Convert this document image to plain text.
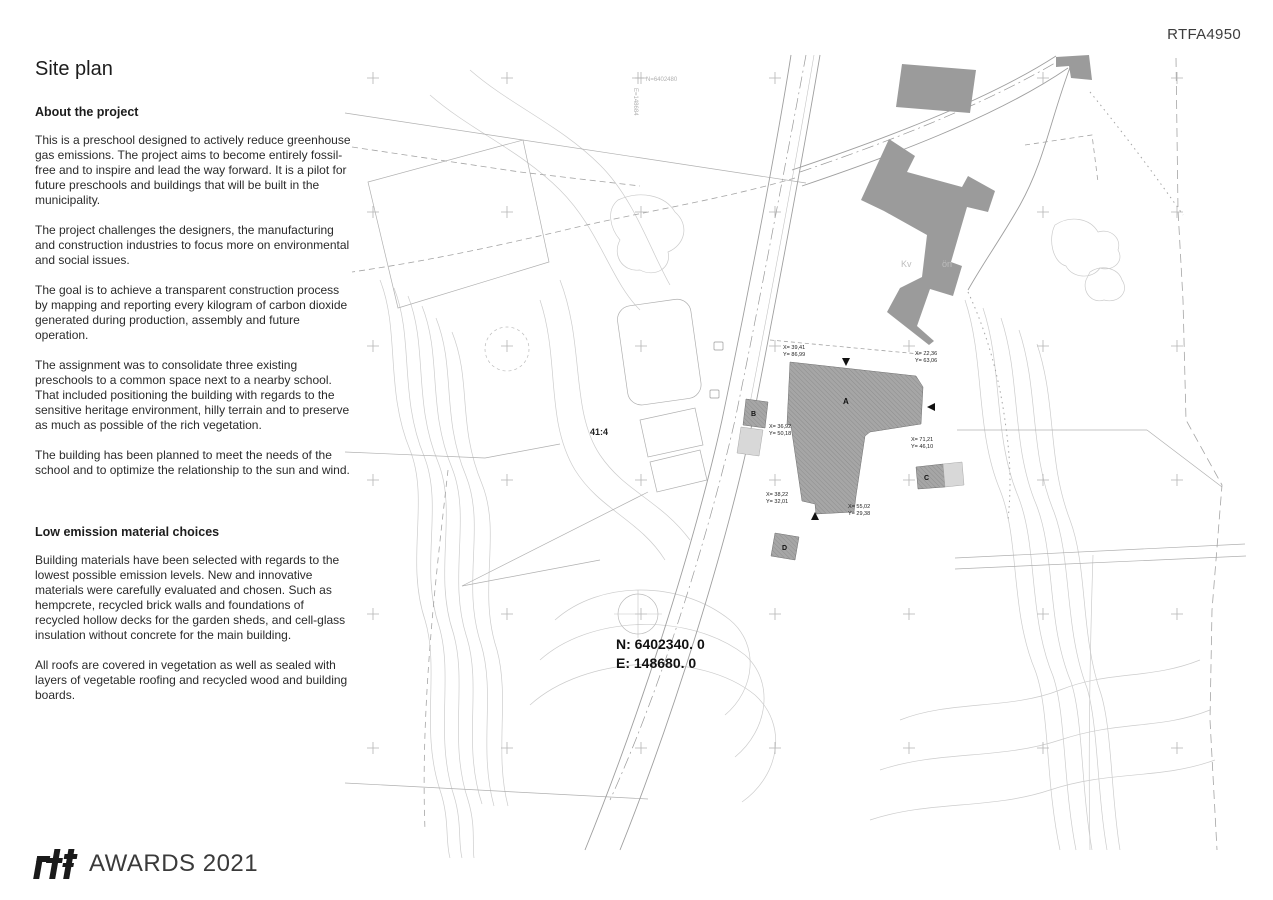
RTFA4950
Site plan
About the project

This is a preschool designed to actively reduce greenhouse gas emissions. The project aims to become entirely fossil-free and to inspire and lead the way forward. It is a pilot for future preschools and buildings that will be built in the municipality.

The project challenges the designers, the manufacturing and construction industries to focus more on environmental and social issues.

The goal is to achieve a transparent construction process by mapping and reporting every kilogram of carbon dioxide generated during production, assembly and future operation.

The assignment was to consolidate three existing preschools to a common space next to a nearby school. That included positioning the building with regards to the sensitive heritage environment, hilly terrain and to preserve as much as possible of the rich vegetation.

The building has been planned to meet the needs of the school and to optimize the relationship to the sun and wind.

Low emission material choices

Building materials have been selected with regards to the lowest possible emission levels. New and innovative materials were carefully evaluated and chosen. Such as hempcrete, recycled brick walls and foundations of recycled hollow decks for the garden sheds, and cell-glass insulation without concrete for the main building.

All roofs are covered in vegetation as well as sealed with layers of vegetable roofing and recycled wood and building boards.

A
B
C
D
41:4
Kv	ön
X= 39,41
Y= 86,99	X= 72,36
Y= 63,06
X= 36,92
Y= 50,18
X= 71,21
Y= 46,10
X= 38,22
Y= 32,01
X= 55,02
Y= 29,38
N: 6402340. 0
E: 148680. 0
N=6402480
E=148684
AWARDS 2021
